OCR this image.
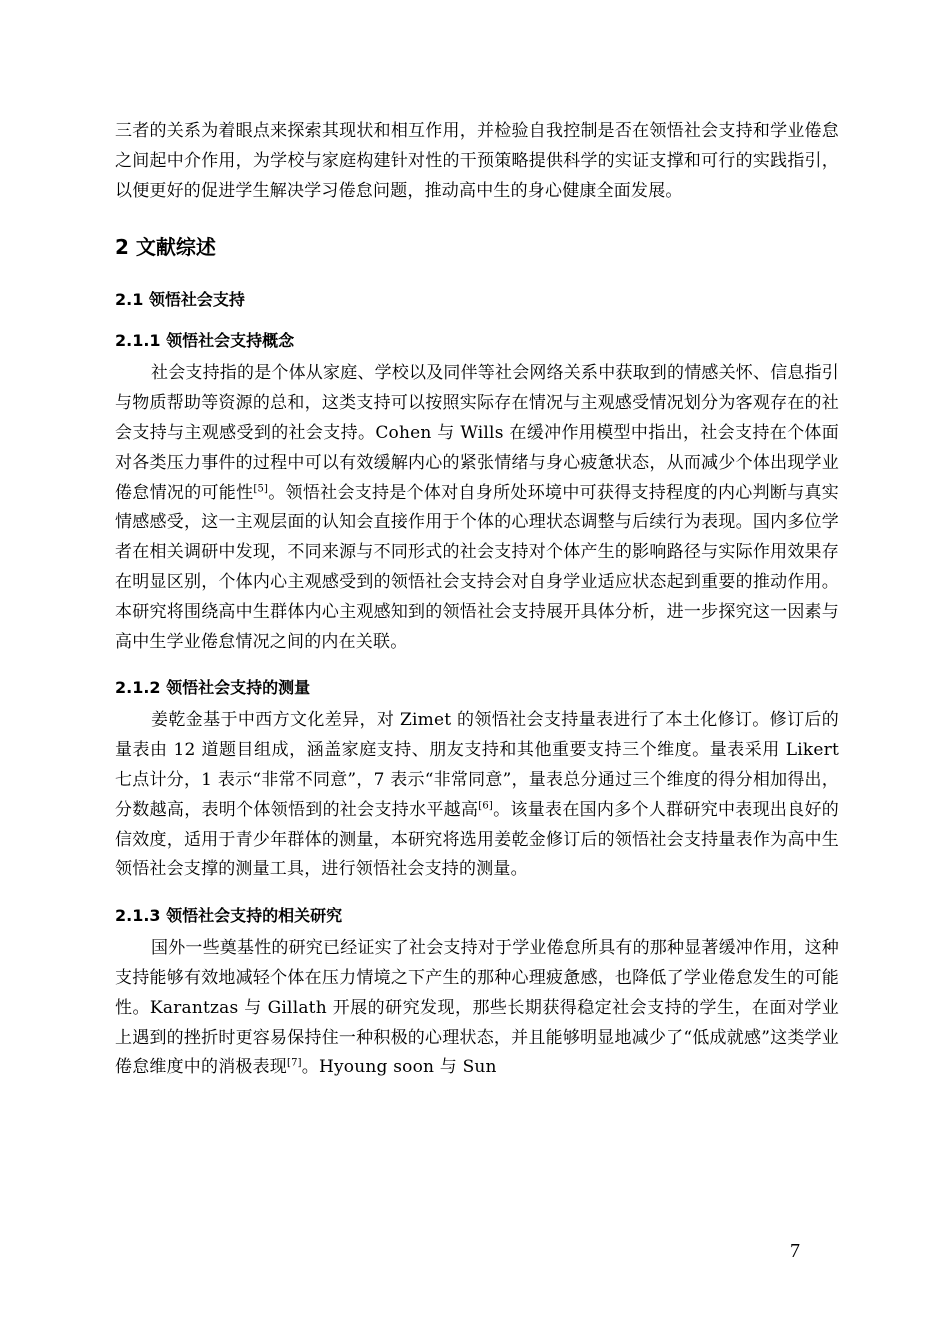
三者的关系为着眼点来探索其现状和相互作用，并检验自我控制是否在领悟社会支持和学业倦怠之间起中介作用，为学校与家庭构建针对性的干预策略提供科学的实证支撑和可行的实践指引，以便更好的促进学生解决学习倦怠问题，推动高中生的身心健康全面发展。

2 文献综述
2.1 领悟社会支持
2.1.1 领悟社会支持概念

社会支持指的是个体从家庭、学校以及同伴等社会网络关系中获取到的情感关怀、信息指引与物质帮助等资源的总和，这类支持可以按照实际存在情况与主观感受情况划分为客观存在的社会支持与主观感受到的社会支持。Cohen 与 Wills 在缓冲作用模型中指出，社会支持在个体面对各类压力事件的过程中可以有效缓解内心的紧张情绪与身心疲惫状态，从而减少个体出现学业倦怠情况的可能性[5]。领悟社会支持是个体对自身所处环境中可获得支持程度的内心判断与真实情感感受，这一主观层面的认知会直接作用于个体的心理状态调整与后续行为表现。国内多位学者在相关调研中发现，不同来源与不同形式的社会支持对个体产生的影响路径与实际作用效果存在明显区别，个体内心主观感受到的领悟社会支持会对自身学业适应状态起到重要的推动作用。本研究将围绕高中生群体内心主观感知到的领悟社会支持展开具体分析，进一步探究这一因素与高中生学业倦怠情况之间的内在关联。

2.1.2 领悟社会支持的测量

姜乾金基于中西方文化差异，对 Zimet 的领悟社会支持量表进行了本土化修订。修订后的量表由 12 道题目组成，涵盖家庭支持、朋友支持和其他重要支持三个维度。量表采用 Likert 七点计分，1 表示“非常不同意”，7 表示“非常同意”，量表总分通过三个维度的得分相加得出，分数越高，表明个体领悟到的社会支持水平越高[6]。该量表在国内多个人群研究中表现出良好的信效度，适用于青少年群体的测量，本研究将选用姜乾金修订后的领悟社会支持量表作为高中生领悟社会支撑的测量工具，进行领悟社会支持的测量。

2.1.3 领悟社会支持的相关研究

国外一些奠基性的研究已经证实了社会支持对于学业倦怠所具有的那种显著缓冲作用，这种支持能够有效地减轻个体在压力情境之下产生的那种心理疲惫感，也降低了学业倦怠发生的可能性。Karantzas 与 Gillath 开展的研究发现，那些长期获得稳定社会支持的学生，在面对学业上遇到的挫折时更容易保持住一种积极的心理状态，并且能够明显地减少了“低成就感”这类学业倦怠维度中的消极表现[7]。Hyoung soon 与 Sun

7
